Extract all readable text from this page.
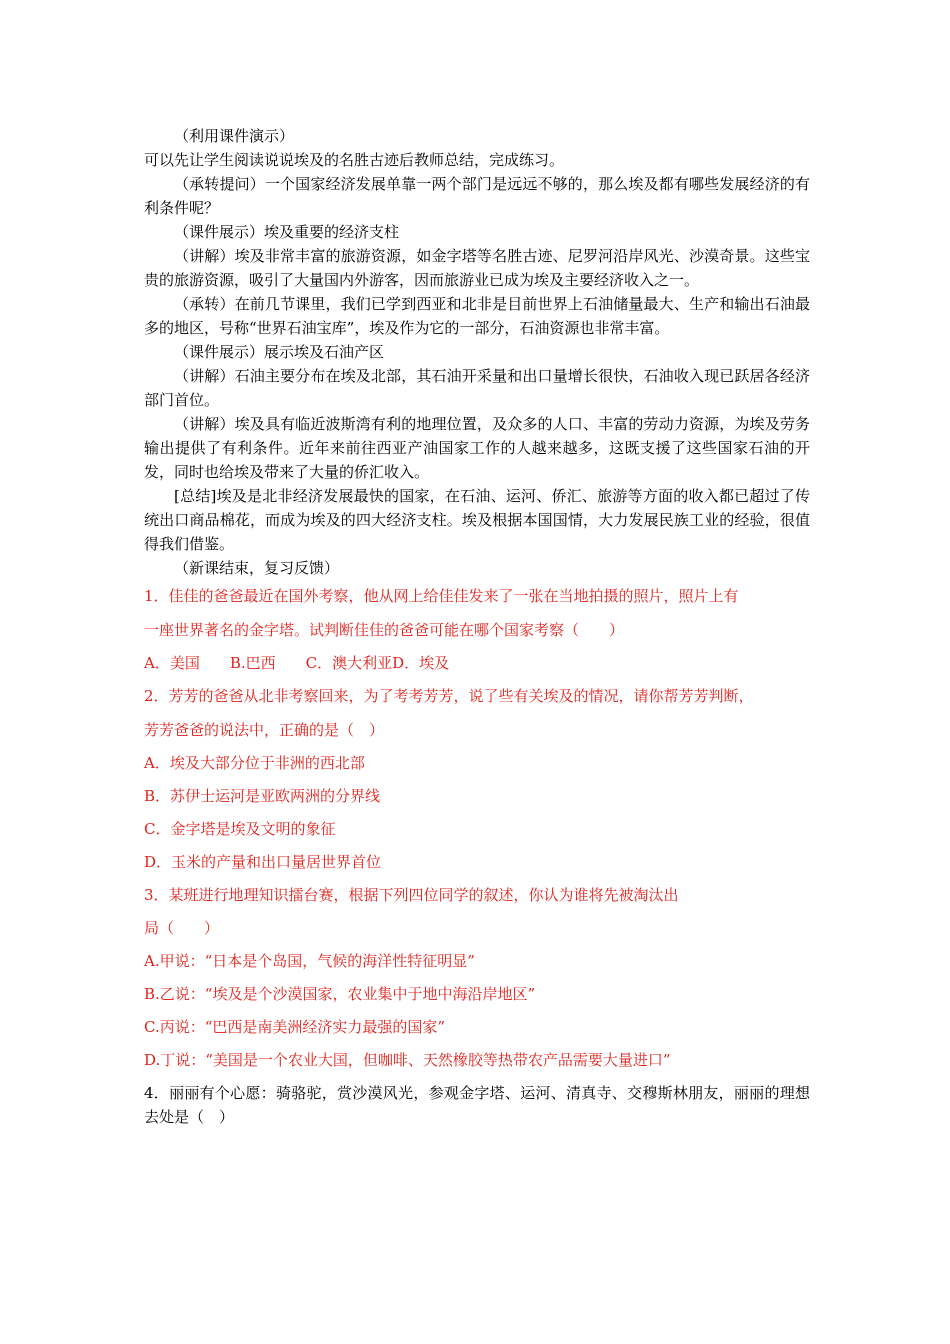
（利用课件演示）

可以先让学生阅读说说埃及的名胜古迹后教师总结，完成练习。

（承转提问）一个国家经济发展单靠一两个部门是远远不够的，那么埃及都有哪些发展经济的有利条件呢？

（课件展示）埃及重要的经济支柱

（讲解）埃及非常丰富的旅游资源，如金字塔等名胜古迹、尼罗河沿岸风光、沙漠奇景。这些宝贵的旅游资源，吸引了大量国内外游客，因而旅游业已成为埃及主要经济收入之一。

（承转）在前几节课里，我们已学到西亚和北非是目前世界上石油储量最大、生产和输出石油最多的地区，号称“世界石油宝库”，埃及作为它的一部分，石油资源也非常丰富。

（课件展示）展示埃及石油产区

（讲解）石油主要分布在埃及北部，其石油开采量和出口量增长很快，石油收入现已跃居各经济部门首位。

（讲解）埃及具有临近波斯湾有利的地理位置，及众多的人口、丰富的劳动力资源，为埃及劳务输出提供了有利条件。近年来前往西亚产油国家工作的人越来越多，这既支援了这些国家石油的开发，同时也给埃及带来了大量的侨汇收入。

[总结]埃及是北非经济发展最快的国家，在石油、运河、侨汇、旅游等方面的收入都已超过了传统出口商品棉花，而成为埃及的四大经济支柱。埃及根据本国国情，大力发展民族工业的经验，很值得我们借鉴。

（新课结束，复习反馈）

1．佳佳的爸爸最近在国外考察，他从网上给佳佳发来了一张在当地拍摄的照片，照片上有

一座世界著名的金字塔。试判断佳佳的爸爸可能在哪个国家考察（　　）

A．美国　　B.巴西　　C．澳大利亚D．埃及

2．芳芳的爸爸从北非考察回来，为了考考芳芳，说了些有关埃及的情况，请你帮芳芳判断，

芳芳爸爸的说法中，正确的是（　）

A．埃及大部分位于非洲的西北部

B．苏伊士运河是亚欧两洲的分界线

C．金字塔是埃及文明的象征

D．玉米的产量和出口量居世界首位

3．某班进行地理知识擂台赛，根据下列四位同学的叙述，你认为谁将先被淘汰出

局（　　）

A.甲说：“日本是个岛国，气候的海洋性特征明显”

B.乙说：“埃及是个沙漠国家，农业集中于地中海沿岸地区”

C.丙说：“巴西是南美洲经济实力最强的国家”

D.丁说：“美国是一个农业大国，但咖啡、天然橡胶等热带农产品需要大量进口”

4．丽丽有个心愿：骑骆驼，赏沙漠风光，参观金字塔、运河、清真寺、交穆斯林朋友，丽丽的理想去处是（　）
